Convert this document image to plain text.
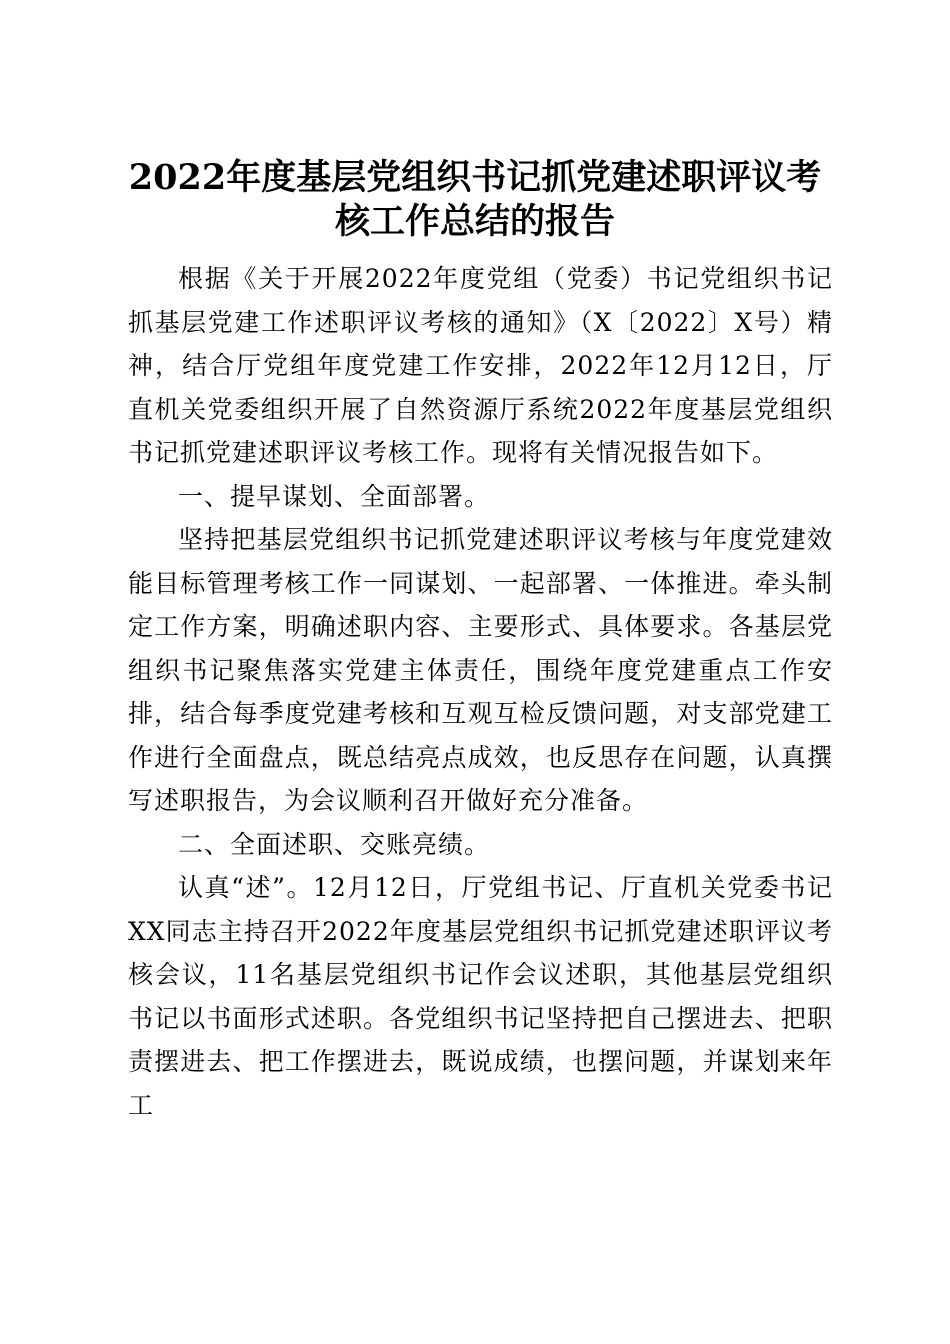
2022年度基层党组织书记抓党建述职评议考
核工作总结的报告

根据《关于开展2022年度党组（党委）书记党组织书记抓基层党建工作述职评议考核的通知》（X〔2022〕X号）精神，结合厅党组年度党建工作安排，2022年12月12日，厅直机关党委组织开展了自然资源厅系统2022年度基层党组织书记抓党建述职评议考核工作。现将有关情况报告如下。

一、提早谋划、全面部署。

坚持把基层党组织书记抓党建述职评议考核与年度党建效能目标管理考核工作一同谋划、一起部署、一体推进。牵头制定工作方案，明确述职内容、主要形式、具体要求。各基层党组织书记聚焦落实党建主体责任，围绕年度党建重点工作安排，结合每季度党建考核和互观互检反馈问题，对支部党建工作进行全面盘点，既总结亮点成效，也反思存在问题，认真撰写述职报告，为会议顺利召开做好充分准备。

二、全面述职、交账亮绩。

认真“述”。12月12日，厅党组书记、厅直机关党委书记XX同志主持召开2022年度基层党组织书记抓党建述职评议考核会议，11名基层党组织书记作会议述职，其他基层党组织书记以书面形式述职。各党组织书记坚持把自己摆进去、把职责摆进去、把工作摆进去，既说成绩，也摆问题，并谋划来年工
